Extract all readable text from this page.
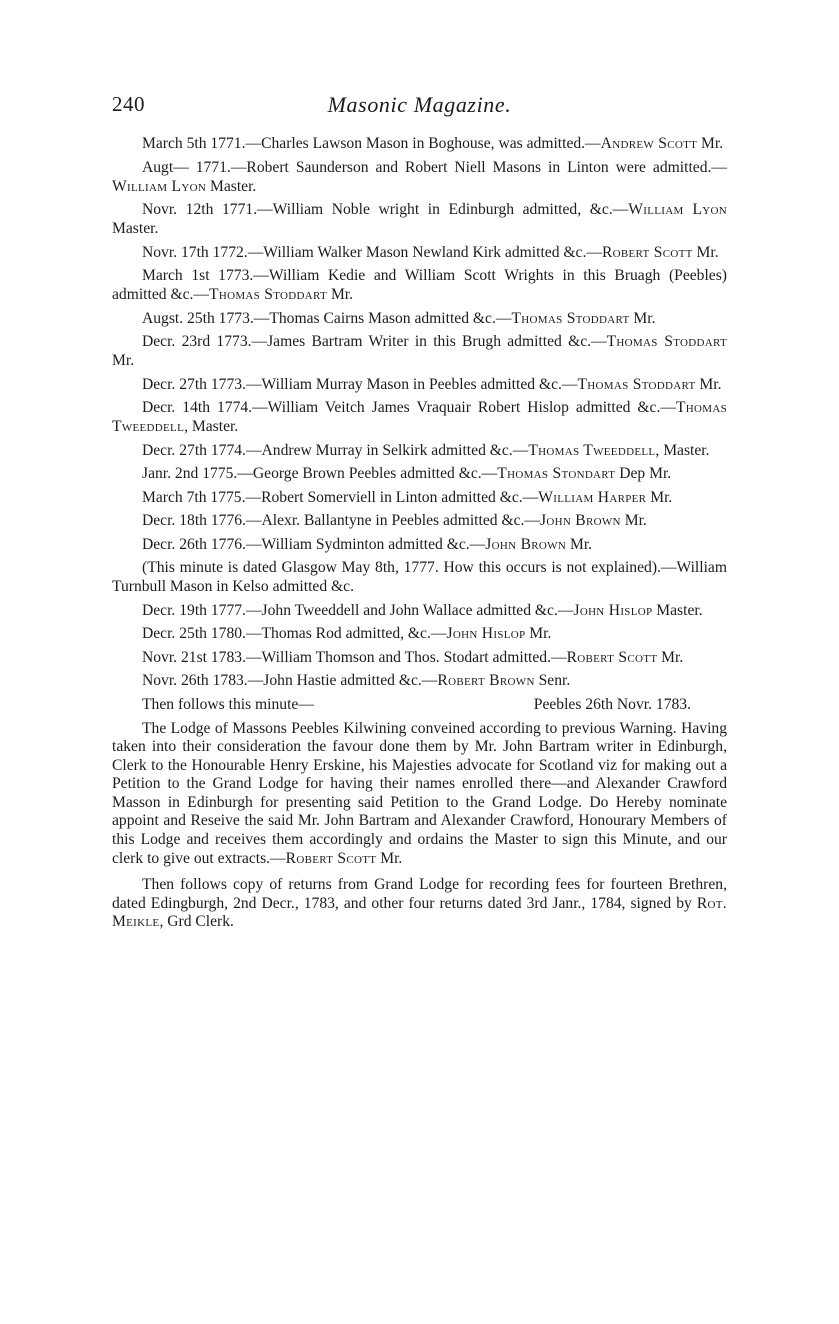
240	Masonic Magazine.

March 5th 1771.—Charles Lawson Mason in Boghouse, was admitted.—Andrew Scott Mr.

Augt— 1771.—Robert Saunderson and Robert Niell Masons in Linton were admitted.—William Lyon Master.

Novr. 12th 1771.—William Noble wright in Edinburgh admitted, &c.—William Lyon Master.

Novr. 17th 1772.—William Walker Mason Newland Kirk admitted &c.—Robert Scott Mr.

March 1st 1773.—William Kedie and William Scott Wrights in this Bruagh (Peebles) admitted &c.—Thomas Stoddart Mr.

Augst. 25th 1773.—Thomas Cairns Mason admitted &c.—Thomas Stoddart Mr.

Decr. 23rd 1773.—James Bartram Writer in this Brugh admitted &c.—Thomas Stoddart Mr.

Decr. 27th 1773.—William Murray Mason in Peebles admitted &c.—Thomas Stoddart Mr.

Decr. 14th 1774.—William Veitch James Vraquair Robert Hislop admitted &c.—Thomas Tweeddell, Master.

Decr. 27th 1774.—Andrew Murray in Selkirk admitted &c.—Thomas Tweeddell, Master.

Janr. 2nd 1775.—George Brown Peebles admitted &c.—Thomas Stondart Dep Mr.

March 7th 1775.—Robert Somerviell in Linton admitted &c.—William Harper Mr.

Decr. 18th 1776.—Alexr. Ballantyne in Peebles admitted &c.—John Brown Mr.

Decr. 26th 1776.—William Sydminton admitted &c.—John Brown Mr.

(This minute is dated Glasgow May 8th, 1777. How this occurs is not explained).—William Turnbull Mason in Kelso admitted &c.

Decr. 19th 1777.—John Tweeddell and John Wallace admitted &c.—John Hislop Master.

Decr. 25th 1780.—Thomas Rod admitted, &c.—John Hislop Mr.

Novr. 21st 1783.—William Thomson and Thos. Stodart admitted.—Robert Scott Mr.

Novr. 26th 1783.—John Hastie admitted &c.—Robert Brown Senr.

Then follows this minute—	Peebles 26th Novr. 1783.

The Lodge of Massons Peebles Kilwining conveined according to previous Warning. Having taken into their consideration the favour done them by Mr. John Bartram writer in Edinburgh, Clerk to the Honourable Henry Erskine, his Majesties advocate for Scotland viz for making out a Petition to the Grand Lodge for having their names enrolled there—and Alexander Crawford Masson in Edinburgh for presenting said Petition to the Grand Lodge. Do Hereby nominate appoint and Reseive the said Mr. John Bartram and Alexander Crawford, Honourary Members of this Lodge and receives them accordingly and ordains the Master to sign this Minute, and our clerk to give out extracts.—Robert Scott Mr.

Then follows copy of returns from Grand Lodge for recording fees for fourteen Brethren, dated Edingburgh, 2nd Decr., 1783, and other four returns dated 3rd Janr., 1784, signed by Rot. Meikle, Grd Clerk.
